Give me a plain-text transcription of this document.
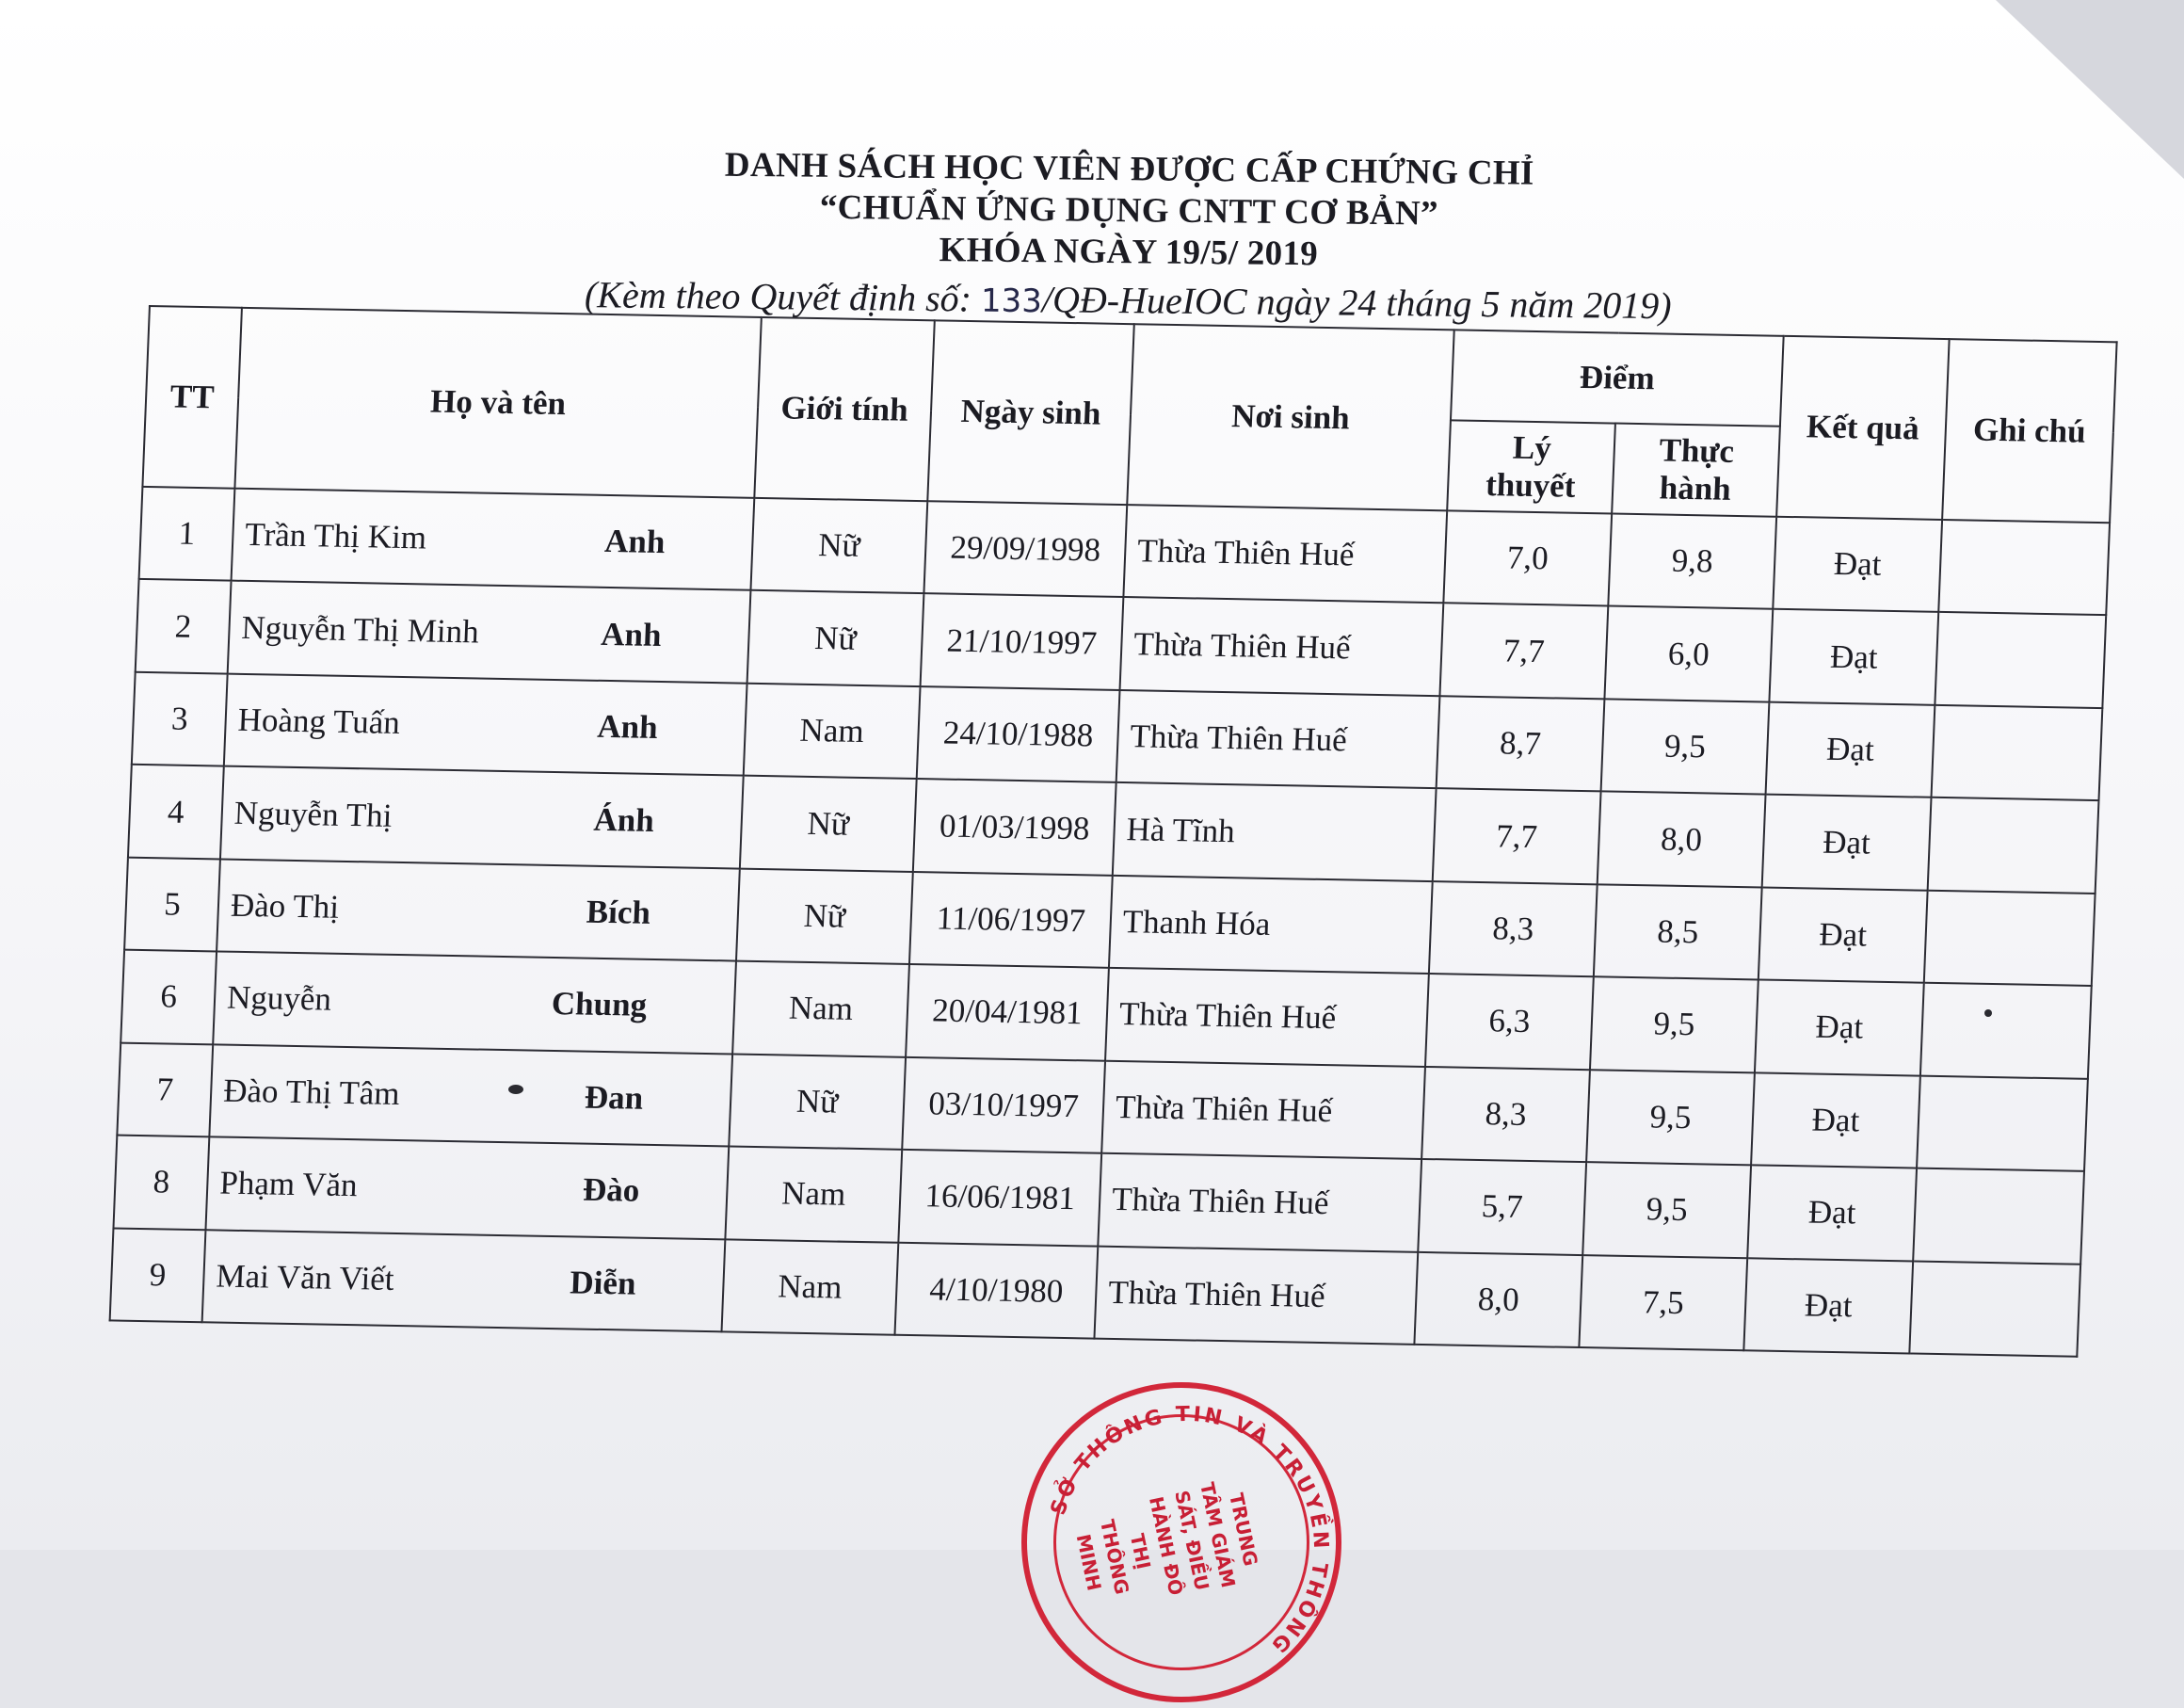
DANH SÁCH HỌC VIÊN ĐƯỢC CẤP CHỨNG CHỈ
“CHUẨN ỨNG DỤNG CNTT CƠ BẢN”
KHÓA NGÀY 19/5/ 2019
(Kèm theo Quyết định số: 133/QĐ-HueIOC ngày 24 tháng 5 năm 2019)
TT	Họ và tên	Giới tính	Ngày sinh	Nơi sinh	Điểm		Kết quả	Ghi chú
					Lý
thuyết	Thực
hành		
1	Trần Thị Kim Anh	Nữ	29/09/1998	Thừa Thiên Huế	7,0	9,8	Đạt	
2	Nguyễn Thị Minh Anh	Nữ	21/10/1997	Thừa Thiên Huế	7,7	6,0	Đạt	
3	Hoàng Tuấn Anh	Nam	24/10/1988	Thừa Thiên Huế	8,7	9,5	Đạt	
4	Nguyễn Thị Ánh	Nữ	01/03/1998	Hà Tĩnh	7,7	8,0	Đạt	
5	Đào Thị Bích	Nữ	11/06/1997	Thanh Hóa	8,3	8,5	Đạt	
6	Nguyễn Chung	Nam	20/04/1981	Thừa Thiên Huế	6,3	9,5	Đạt	
7	Đào Thị Tâm Đan	Nữ	03/10/1997	Thừa Thiên Huế	8,3	9,5	Đạt	
8	Phạm Văn Đào	Nam	16/06/1981	Thừa Thiên Huế	5,7	9,5	Đạt	
9	Mai Văn Viết Diễn	Nam	4/10/1980	Thừa Thiên Huế	8,0	7,5	Đạt	
SỞ THÔNG TIN VÀ TRUYỀN THÔNG
TRUNG TÂM GIÁM SÁT, ĐIỀU HÀNH ĐÔ THỊ THÔNG MINH
